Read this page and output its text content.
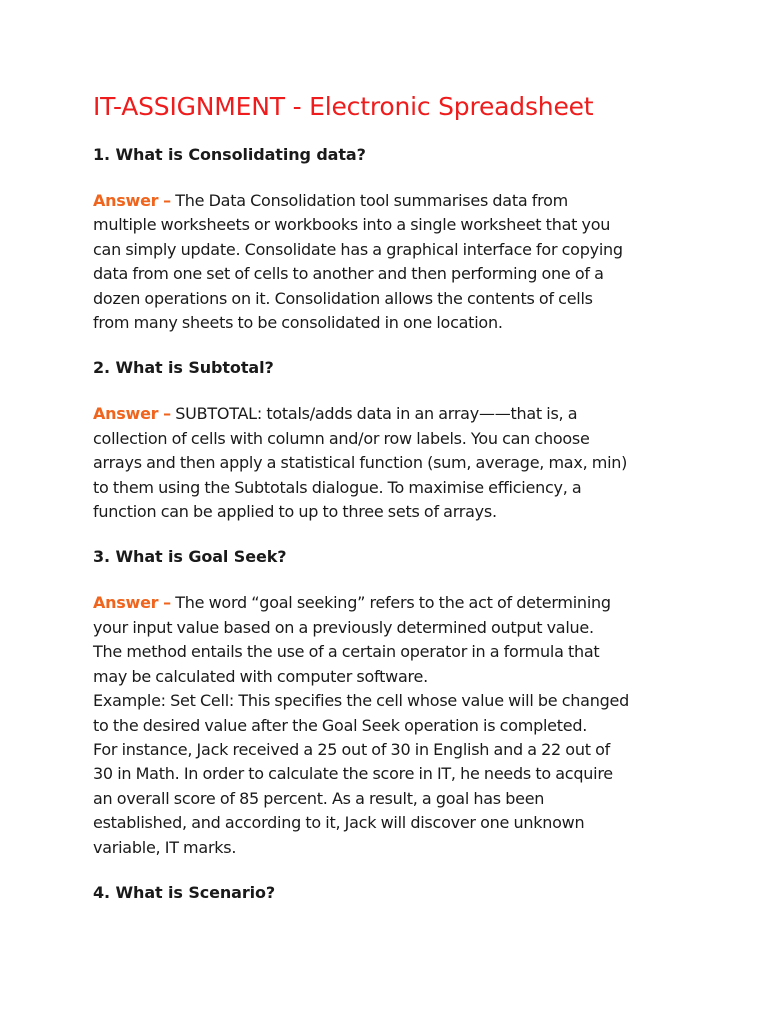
IT-ASSIGNMENT - Electronic Spreadsheet

1. What is Consolidating data?

Answer – The Data Consolidation tool summarises data from
multiple worksheets or workbooks into a single worksheet that you
can simply update. Consolidate has a graphical interface for copying
data from one set of cells to another and then performing one of a
dozen operations on it. Consolidation allows the contents of cells
from many sheets to be consolidated in one location.

2. What is Subtotal?

Answer – SUBTOTAL: totals/adds data in an array——that is, a
collection of cells with column and/or row labels. You can choose
arrays and then apply a statistical function (sum, average, max, min)
to them using the Subtotals dialogue. To maximise efficiency, a
function can be applied to up to three sets of arrays.

3. What is Goal Seek?

Answer – The word “goal seeking” refers to the act of determining
your input value based on a previously determined output value.
The method entails the use of a certain operator in a formula that
may be calculated with computer software.
Example: Set Cell: This specifies the cell whose value will be changed
to the desired value after the Goal Seek operation is completed.
For instance, Jack received a 25 out of 30 in English and a 22 out of
30 in Math. In order to calculate the score in IT, he needs to acquire
an overall score of 85 percent. As a result, a goal has been
established, and according to it, Jack will discover one unknown
variable, IT marks.

4. What is Scenario?
